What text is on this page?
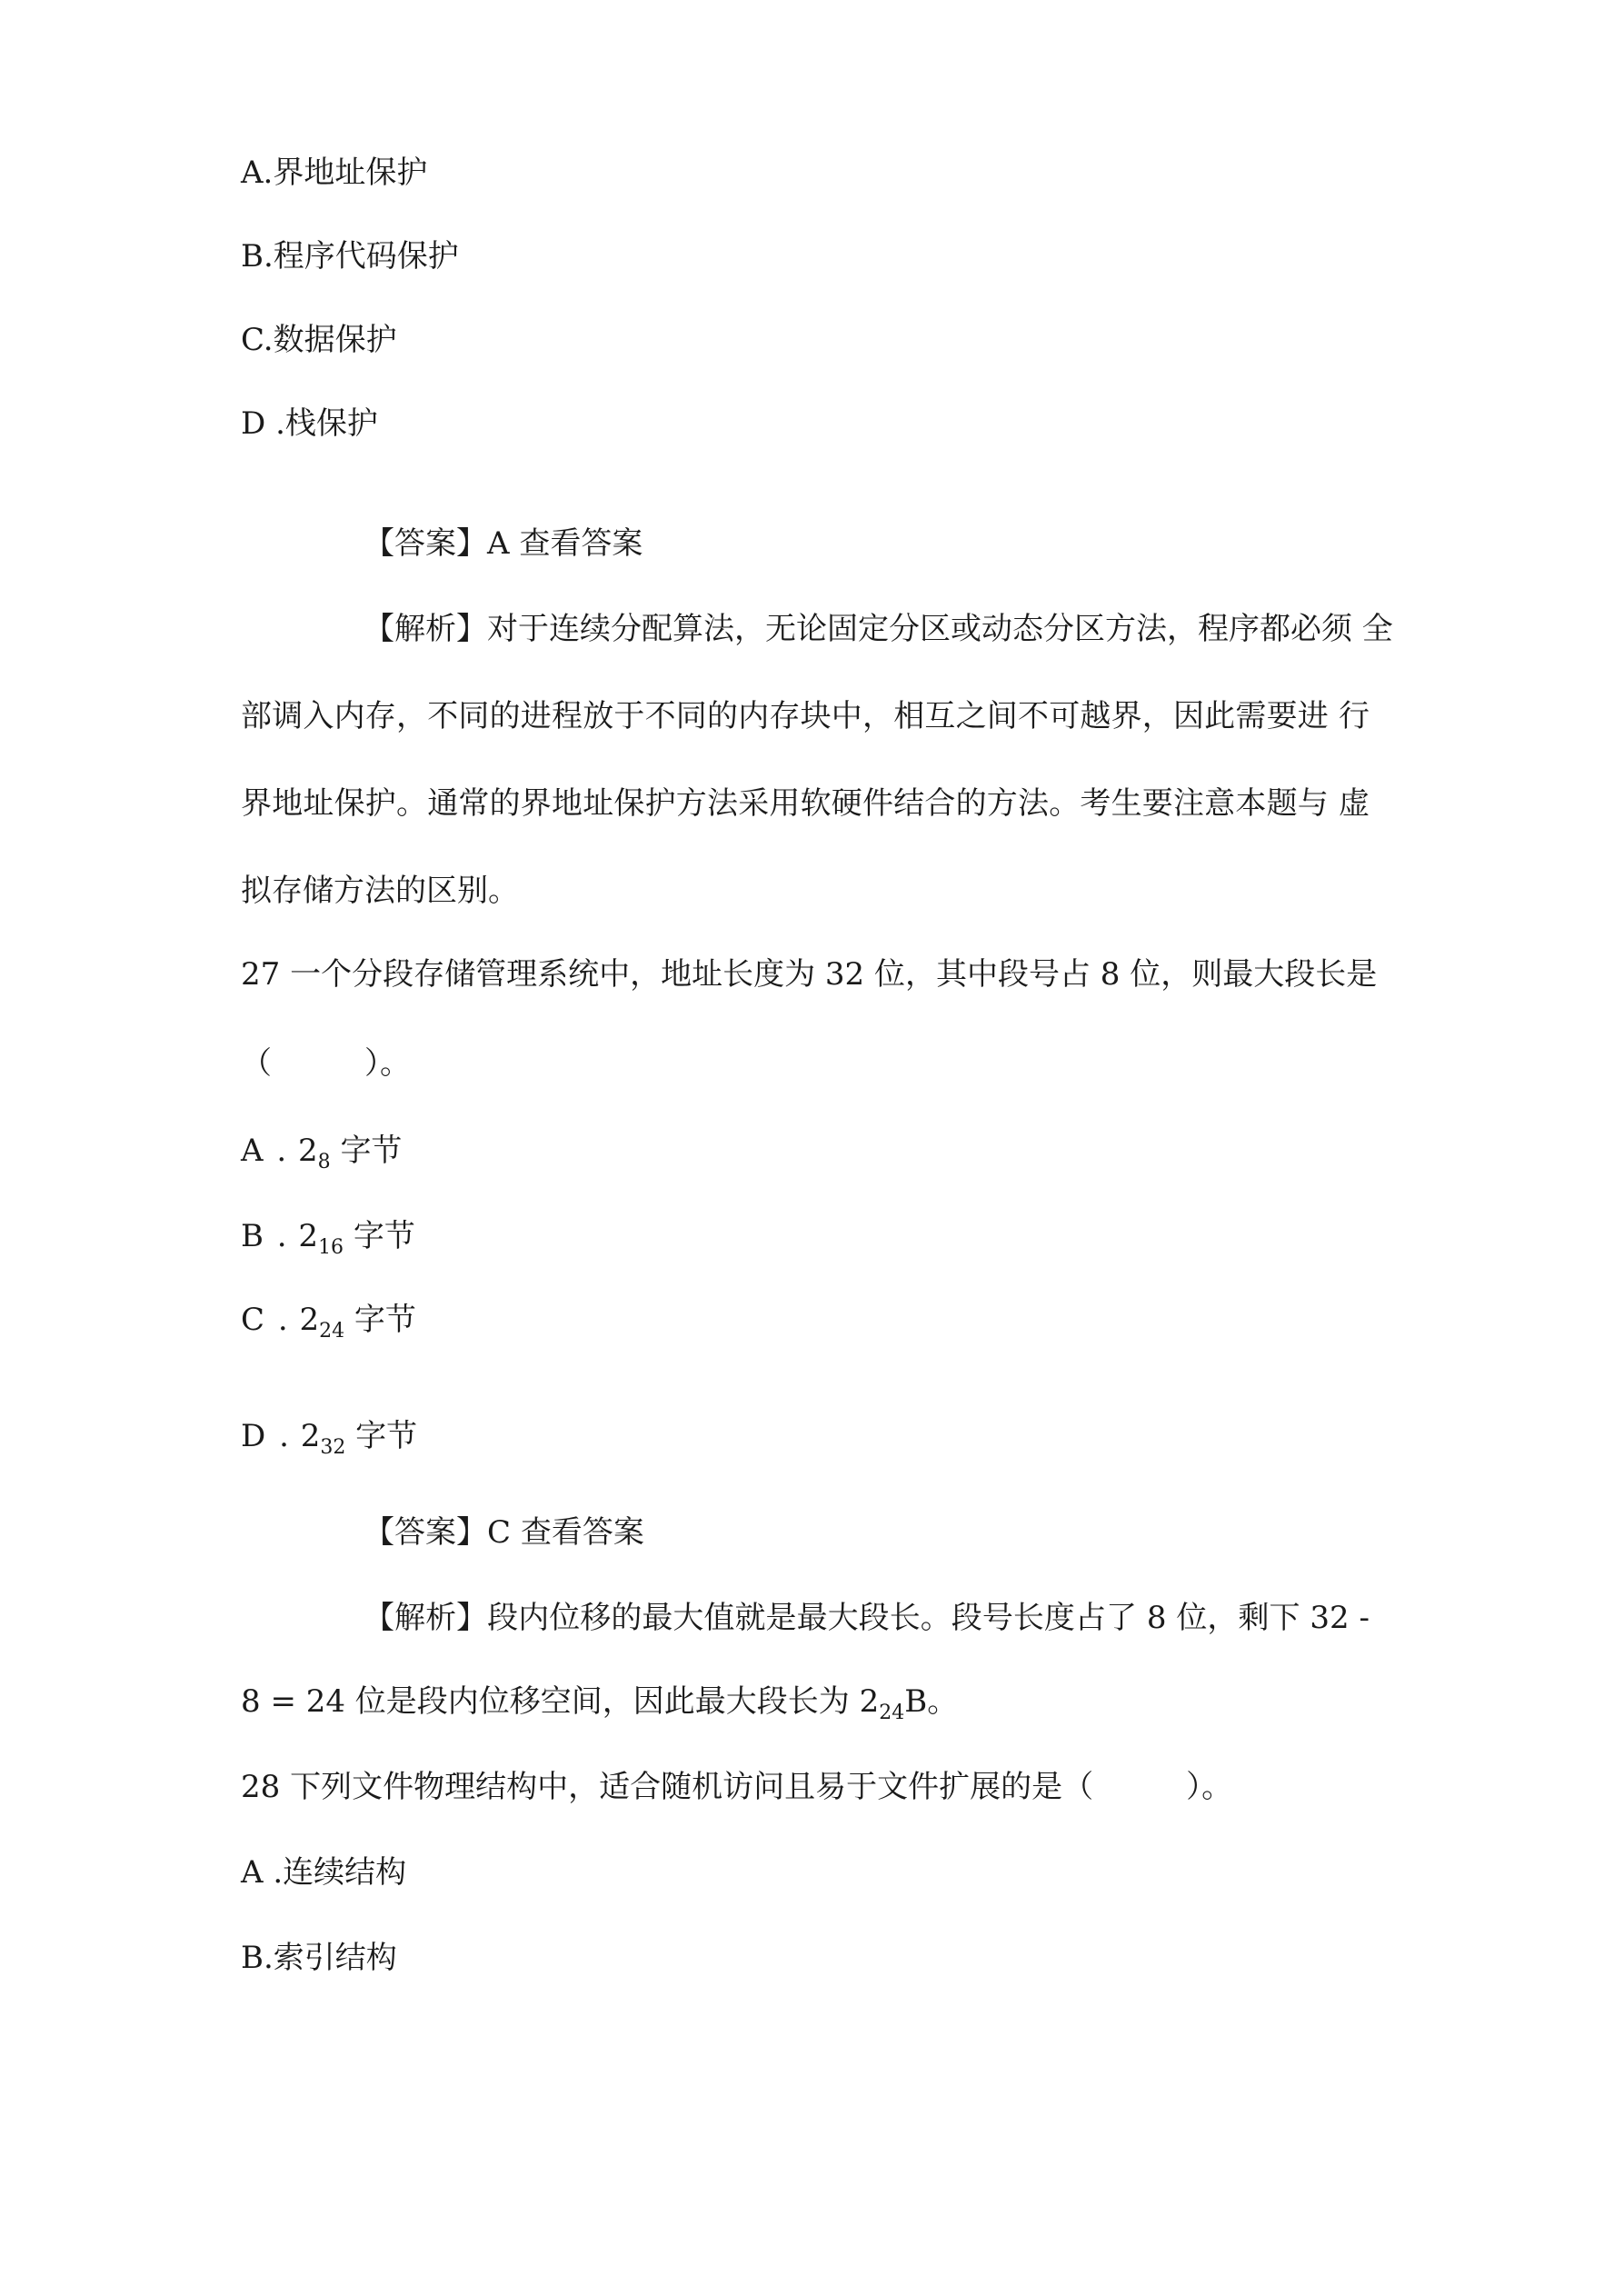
A.界地址保护
B.程序代码保护
C.数据保护
D .栈保护
【答案】A 查看答案
【解析】对于连续分配算法，无论固定分区或动态分区方法，程序都必须 全
部调入内存，不同的进程放于不同的内存块中，相互之间不可越界，因此需要进 行
界地址保护。通常的界地址保护方法采用软硬件结合的方法。考生要注意本题与 虚
拟存储方法的区别。
27 一个分段存储管理系统中，地址长度为 32 位，其中段号占 8 位，则最大段长是
（　　　）。
A . $2_8$ 字节
B . $2_{16}$ 字节
C . $2_{24}$ 字节
D . $2_{32}$ 字节
【答案】C 查看答案
【解析】段内位移的最大值就是最大段长。段号长度占了 8 位，剩下 32 -
8 = 24 位是段内位移空间，因此最大段长为 $2_{24}B$。
28 下列文件物理结构中，适合随机访问且易于文件扩展的是（　　　）。
A .连续结构
B.索引结构
